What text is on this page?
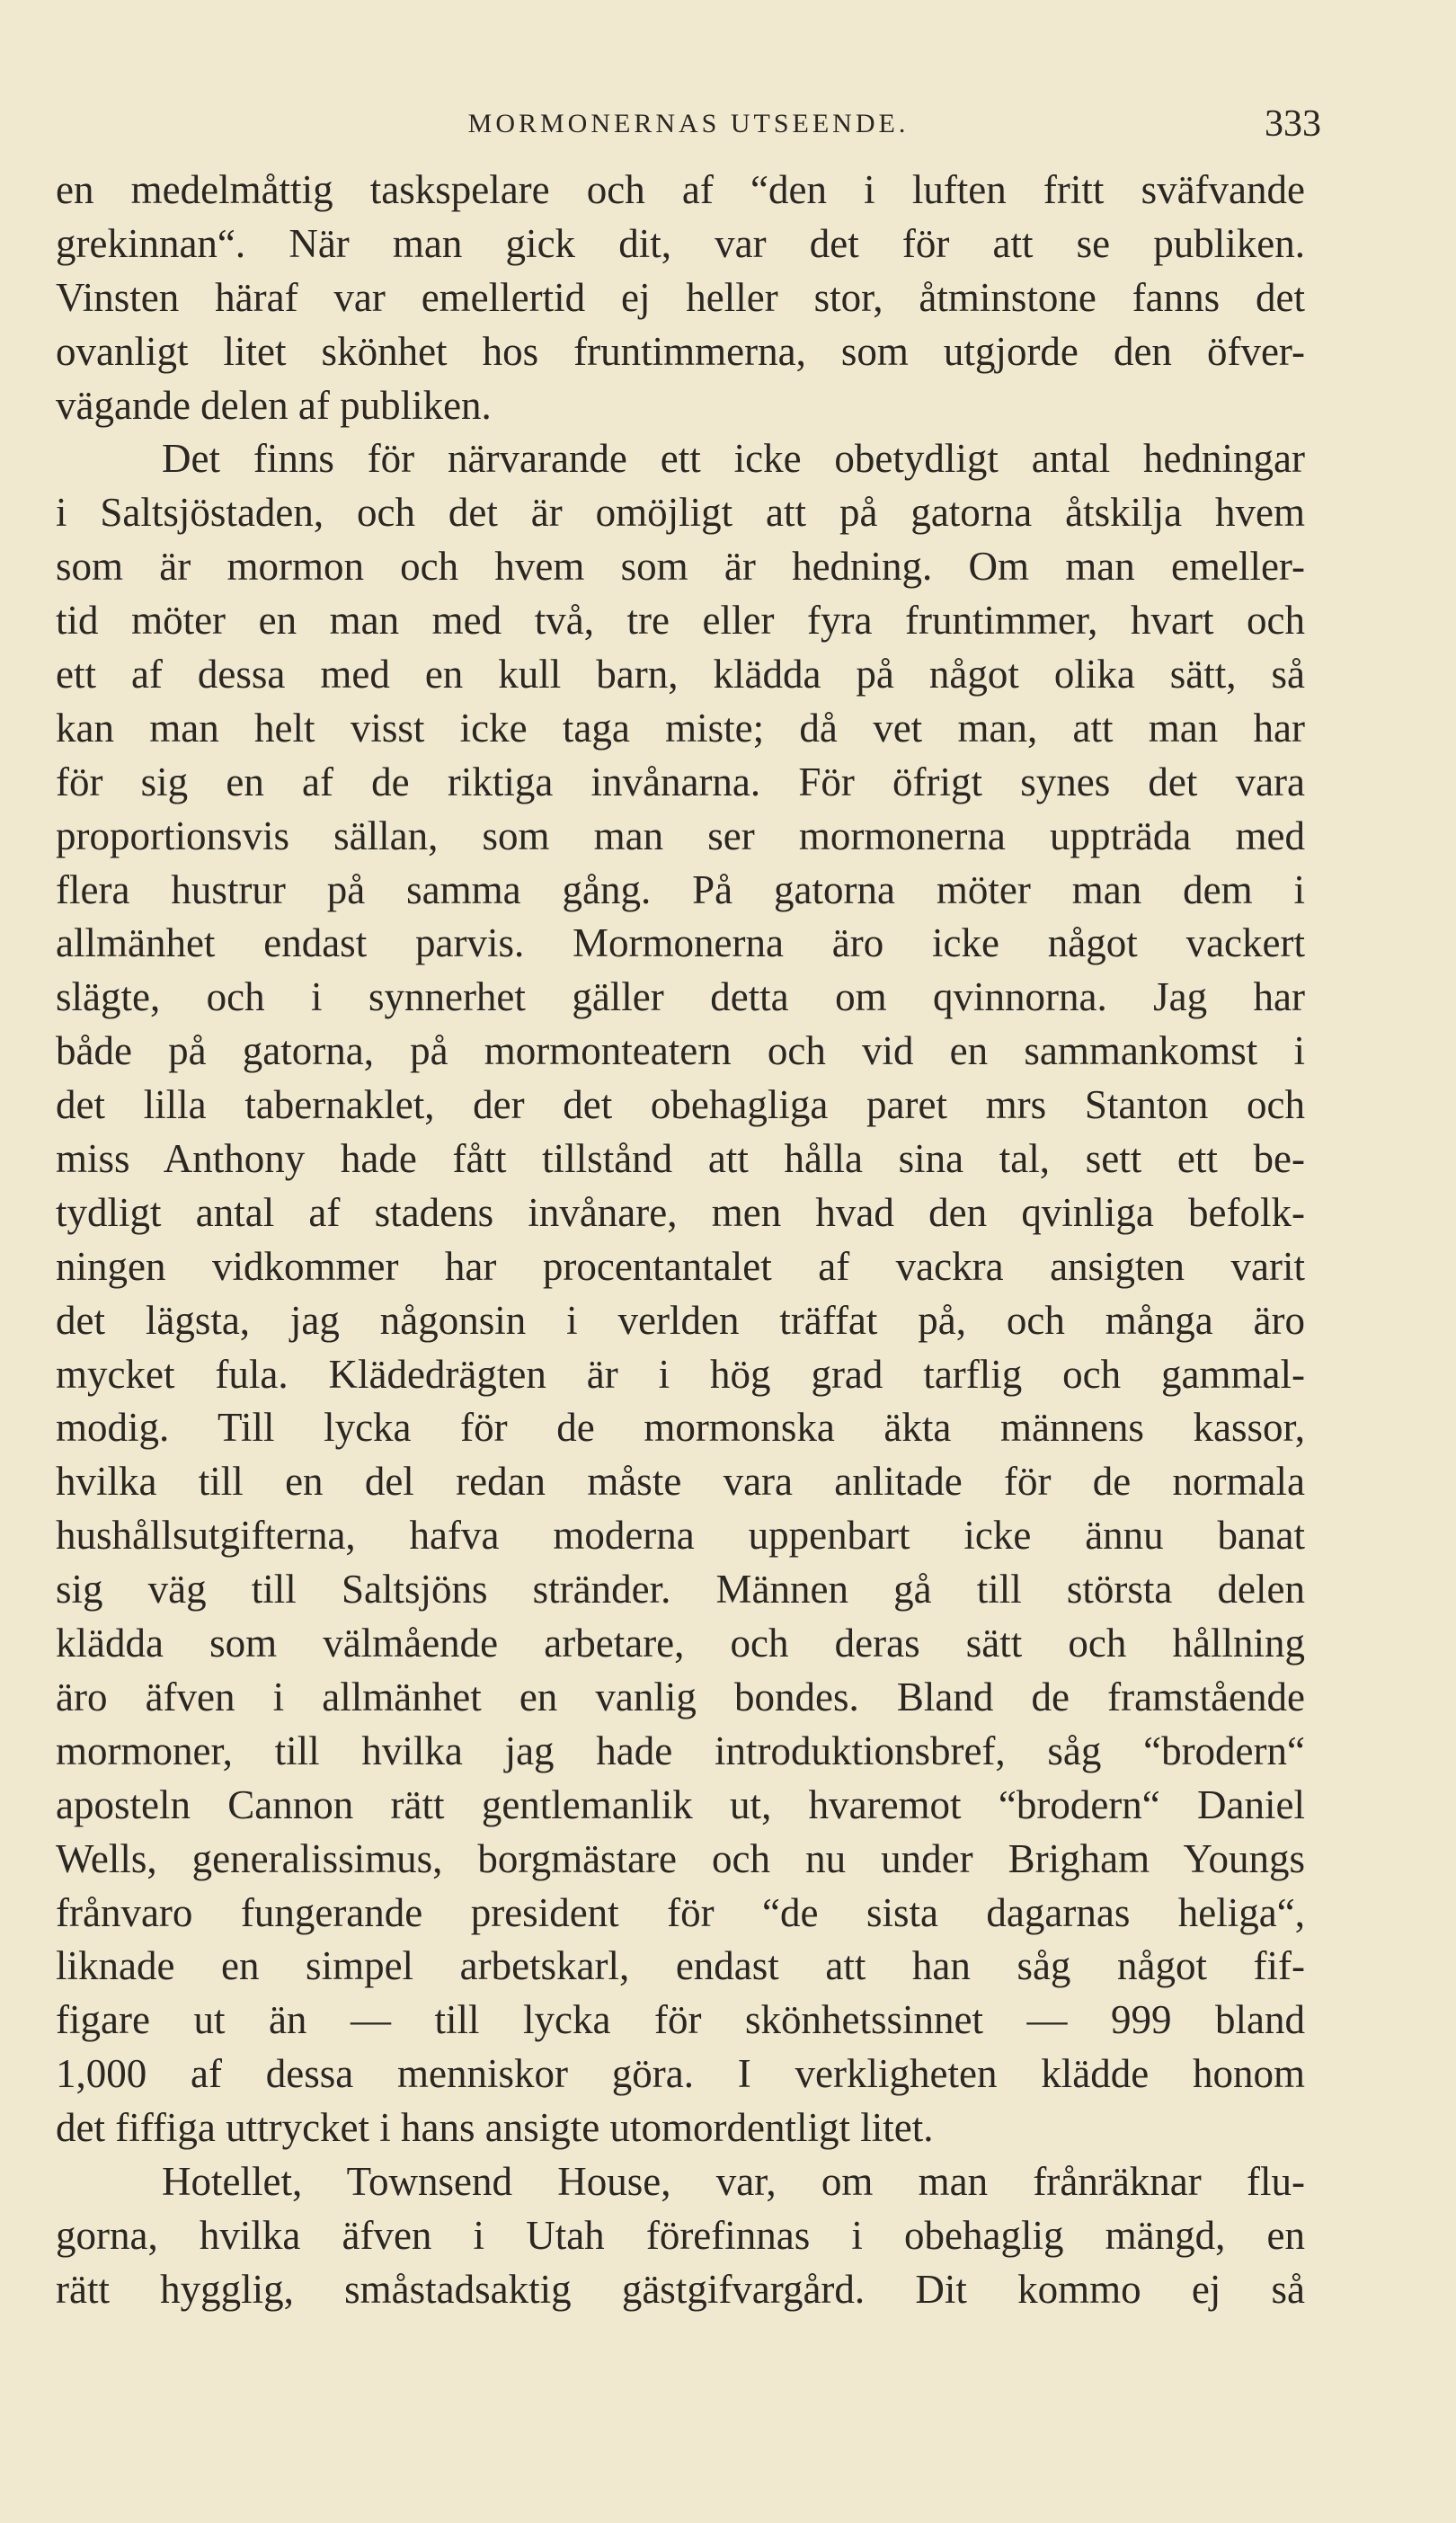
MORMONERNAS UTSEENDE.	333
en medelmåttig taskspelare och af “den i luften fritt sväfvande
grekinnan“. När man gick dit, var det för att se publiken.
Vinsten häraf var emellertid ej heller stor, åtminstone fanns det
ovanligt litet skönhet hos fruntimmerna, som utgjorde den öfver-
vägande delen af publiken.
Det finns för närvarande ett icke obetydligt antal hedningar
i Saltsjöstaden, och det är omöjligt att på gatorna åtskilja hvem
som är mormon och hvem som är hedning. Om man emeller-
tid möter en man med två, tre eller fyra fruntimmer, hvart och
ett af dessa med en kull barn, klädda på något olika sätt, så
kan man helt visst icke taga miste; då vet man, att man har
för sig en af de riktiga invånarna. För öfrigt synes det vara
proportionsvis sällan, som man ser mormonerna uppträda med
flera hustrur på samma gång. På gatorna möter man dem i
allmänhet endast parvis. Mormonerna äro icke något vackert
slägte, och i synnerhet gäller detta om qvinnorna. Jag har
både på gatorna, på mormonteatern och vid en sammankomst i
det lilla tabernaklet, der det obehagliga paret mrs Stanton och
miss Anthony hade fått tillstånd att hålla sina tal, sett ett be-
tydligt antal af stadens invånare, men hvad den qvinliga befolk-
ningen vidkommer har procentantalet af vackra ansigten varit
det lägsta, jag någonsin i verlden träffat på, och många äro
mycket fula. Klädedrägten är i hög grad tarflig och gammal-
modig. Till lycka för de mormonska äkta männens kassor,
hvilka till en del redan måste vara anlitade för de normala
hushållsutgifterna, hafva moderna uppenbart icke ännu banat
sig väg till Saltsjöns stränder. Männen gå till största delen
klädda som välmående arbetare, och deras sätt och hållning
äro äfven i allmänhet en vanlig bondes. Bland de framstående
mormoner, till hvilka jag hade introduktionsbref, såg “brodern“
aposteln Cannon rätt gentlemanlik ut, hvaremot “brodern“ Daniel
Wells, generalissimus, borgmästare och nu under Brigham Youngs
frånvaro fungerande president för “de sista dagarnas heliga“,
liknade en simpel arbetskarl, endast att han såg något fif-
figare ut än — till lycka för skönhetssinnet — 999 bland
1,000 af dessa menniskor göra. I verkligheten klädde honom
det fiffiga uttrycket i hans ansigte utomordentligt litet.
Hotellet, Townsend House, var, om man frånräknar flu-
gorna, hvilka äfven i Utah förefinnas i obehaglig mängd, en
rätt hygglig, småstadsaktig gästgifvargård. Dit kommo ej så
